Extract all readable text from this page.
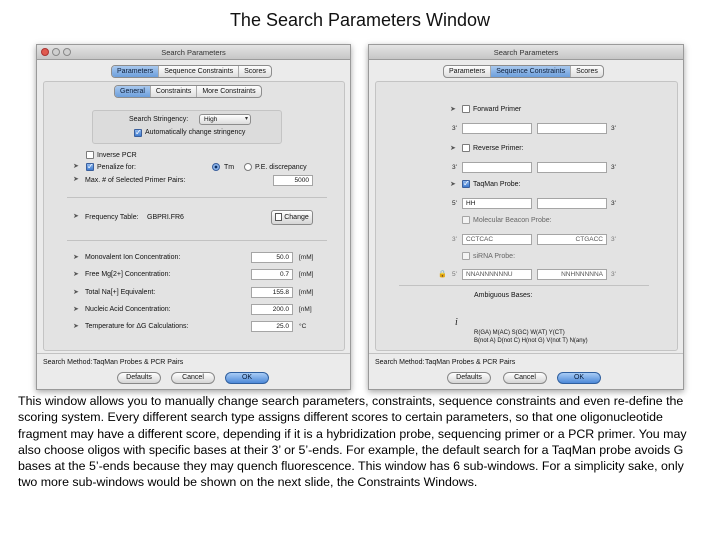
The Search Parameters Window
Search Parameters
Parameters	Sequence Constraints	Scores
General	Constraints	More Constraints
Search Stringency:	High	▾
✓
Automatically change stringency
Inverse PCR
➤ ✓	Penalize for:	Tm	P.E. discrepancy
➤ Max. # of Selected Primer Pairs:	5000
➤ Frequency Table: GBPRI.FR6	Change
➤ Monovalent Ion Concentration:	50.0	[mM]
➤ Free Mg[2+] Concentration:	0.7	[mM]
➤ Total Na[+] Equivalent:	155.8	[mM]
➤ Nucleic Acid Concentration:	200.0	[nM]
➤ Temperature for ΔG Calculations:	25.0	°C
Search Method: TaqMan Probes & PCR Pairs
Defaults	Cancel	OK
Search Parameters
Parameters	Sequence Constraints	Scores
➤ Forward Primer
3'	3'
➤ Reverse Primer:
3'	3'
➤ ✓ TaqMan Probe:
5'	HH	3'
Molecular Beacon Probe:
3'	CCTCAC	CTGACC	3'
siRNA Probe:
🔒 5'	NNANNNNNNU	NNHNNNNNA	3'
i
Ambiguous Bases:
R(GA) M(AC) S(GC) W(AT) Y(CT)
B(not A) D(not C) H(not G) V(not T) N(any)
Search Method: TaqMan Probes & PCR Pairs
Defaults	Cancel	OK
This window allows you to manually change search parameters, constraints, sequence constraints and even re-define the scoring system. Every different search type assigns different scores to certain parameters, so that one oligonucleotide fragment may have a different score, depending if it is a hybridization probe, sequencing primer or a PCR primer. You may also choose oligos with specific bases at their 3’ or 5’-ends. For example, the default search for a TaqMan probe avoids G bases at the 5’-ends because they may quench fluorescence. This window has 6 sub-windows. For a simplicity sake, only two more sub-windows would be shown on the next slide, the Constraints Windows.
